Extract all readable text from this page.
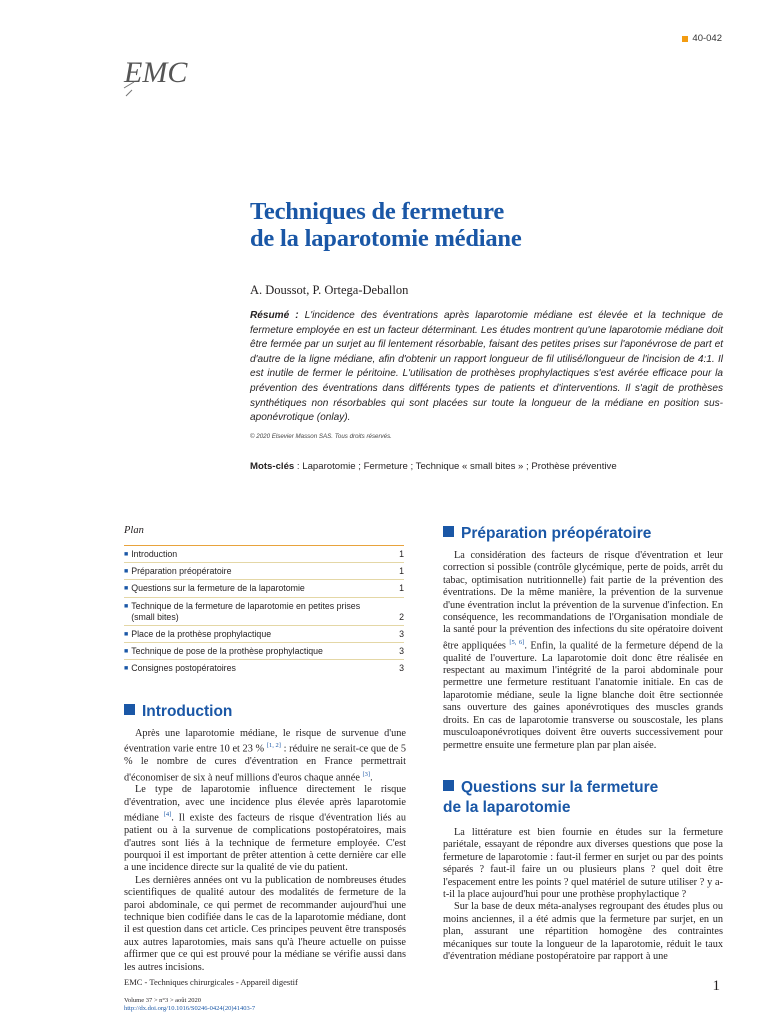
EMC
40-042
Techniques de fermeture
de la laparotomie médiane
A. Doussot, P. Ortega-Deballon
Résumé : L'incidence des éventrations après laparotomie médiane est élevée et la technique de fermeture employée en est un facteur déterminant. Les études montrent qu'une laparotomie médiane doit être fermée par un surjet au fil lentement résorbable, faisant des petites prises sur l'aponévrose de part et d'autre de la ligne médiane, afin d'obtenir un rapport longueur de fil utilisé/longueur de l'incision de 4:1. Il est inutile de fermer le péritoine. L'utilisation de prothèses prophylactiques s'est avérée efficace pour la prévention des éventrations dans différents types de patients et d'interventions. Il s'agit de prothèses synthétiques non résorbables qui sont placées sur toute la longueur de la médiane en position sus-aponévrotique (onlay).
© 2020 Elsevier Masson SAS. Tous droits réservés.
Mots-clés : Laparotomie ; Fermeture ; Technique « small bites » ; Prothèse préventive
Plan
■ Introduction	1
■ Préparation préopératoire	1
■ Questions sur la fermeture de la laparotomie	1
■ Technique de la fermeture de laparotomie en petites prises (small bites)	2
■ Place de la prothèse prophylactique	3
■ Technique de pose de la prothèse prophylactique	3
■ Consignes postopératoires	3
Introduction

Après une laparotomie médiane, le risque de survenue d'une éventration varie entre 10 et 23 % [1, 2] : réduire ne serait-ce que de 5 % le nombre de cures d'éventration en France permettrait d'économiser de six à neuf millions d'euros chaque année [3].

Le type de laparotomie influence directement le risque d'éventration, avec une incidence plus élevée après laparotomie médiane [4]. Il existe des facteurs de risque d'éventration liés au patient ou à la survenue de complications postopératoires, mais d'autres sont liés à la technique de fermeture employée. C'est pourquoi il est important de prêter attention à cette dernière car elle a une incidence directe sur la qualité de vie du patient.

Les dernières années ont vu la publication de nombreuses études scientifiques de qualité autour des modalités de fermeture de la paroi abdominale, ce qui permet de recommander aujourd'hui une technique bien codifiée dans le cas de la laparotomie médiane, dont il est question dans cet article. Ces principes peuvent être transposés aux autres laparotomies, mais sans qu'à l'heure actuelle on puisse affirmer que ce qui est prouvé pour la médiane se vérifie aussi dans les autres incisions.

Préparation préopératoire

La considération des facteurs de risque d'éventration et leur correction si possible (contrôle glycémique, perte de poids, arrêt du tabac, optimisation nutritionnelle) fait partie de la prévention des éventrations. De la même manière, la prévention de la survenue d'une éventration inclut la prévention de la survenue d'infection. En conséquence, les recommandations de l'Organisation mondiale de la santé pour la prévention des infections du site opératoire doivent être appliquées [5, 6]. Enfin, la qualité de la fermeture dépend de la qualité de l'ouverture. La laparotomie doit donc être réalisée en respectant au maximum l'intégrité de la paroi abdominale pour permettre une fermeture restituant l'anatomie initiale. En cas de laparotomie médiane, seule la ligne blanche doit être sectionnée sans ouverture des gaines aponévrotiques des muscles grands droits. En cas de laparotomie transverse ou souscostale, les plans musculoaponévrotiques doivent être ouverts successivement pour permettre ensuite une fermeture plan par plan aisée.

Questions sur la fermeture
de la laparotomie

La littérature est bien fournie en études sur la fermeture pariétale, essayant de répondre aux diverses questions que pose la fermeture de laparotomie : faut-il fermer en surjet ou par des points séparés ? faut-il faire un ou plusieurs plans ? quel doit être l'espacement entre les points ? quel matériel de suture utiliser ? y a-t-il la place aujourd'hui pour une prothèse prophylactique ?

Sur la base de deux méta-analyses regroupant des études plus ou moins anciennes, il a été admis que la fermeture par surjet, en un plan, assurant une répartition homogène des contraintes mécaniques sur toute la longueur de la laparotomie, réduit le taux d'éventration médiane postopératoire par rapport à une

EMC - Techniques chirurgicales - Appareil digestif
Volume 37 > n°3 > août 2020
http://dx.doi.org/10.1016/S0246-0424(20)41403-7
1
